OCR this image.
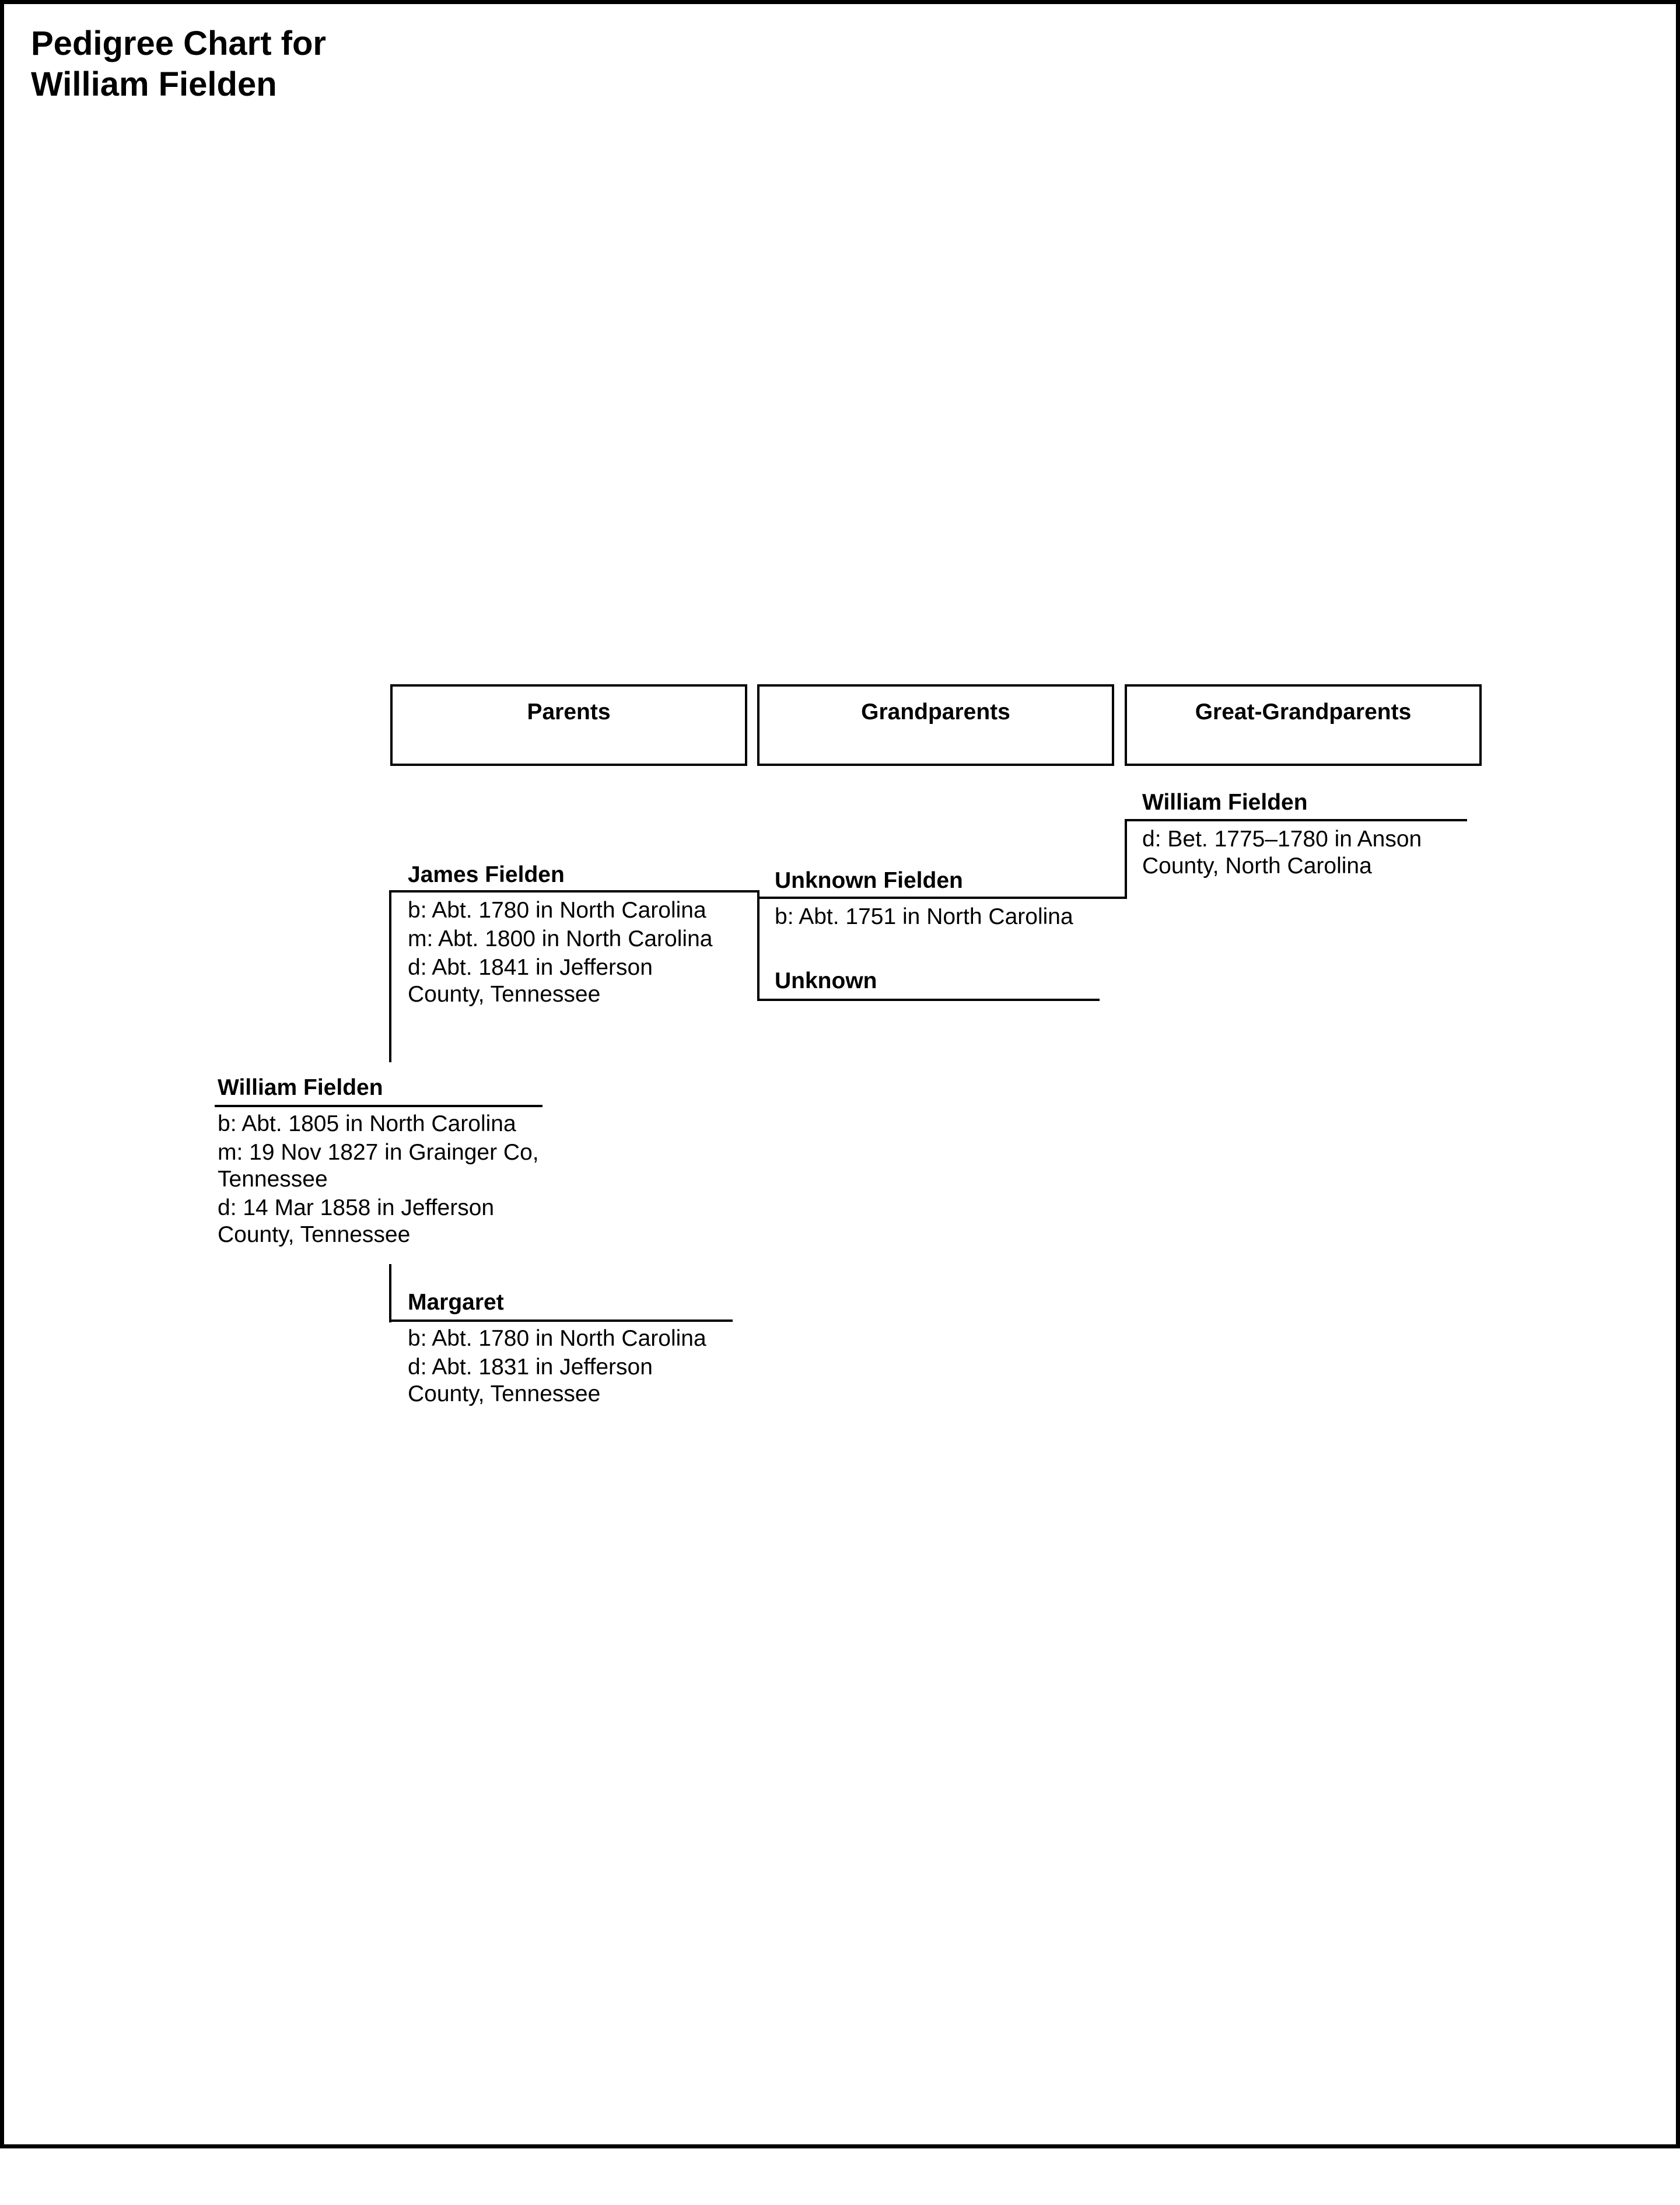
Pedigree Chart for
William Fielden
Parents	Grandparents	Great-Grandparents
William Fielden
b: Abt. 1805 in North Carolina
m: 19 Nov 1827 in Grainger Co, Tennessee
d: 14 Mar 1858 in Jefferson County, Tennessee
James Fielden
b: Abt. 1780 in North Carolina
m: Abt. 1800 in North Carolina
d: Abt. 1841 in Jefferson County, Tennessee
Margaret
b: Abt. 1780 in North Carolina
d: Abt. 1831 in Jefferson County, Tennessee
Unknown Fielden
b: Abt. 1751 in North Carolina
Unknown
William Fielden
d: Bet. 1775–1780 in Anson County, North Carolina
